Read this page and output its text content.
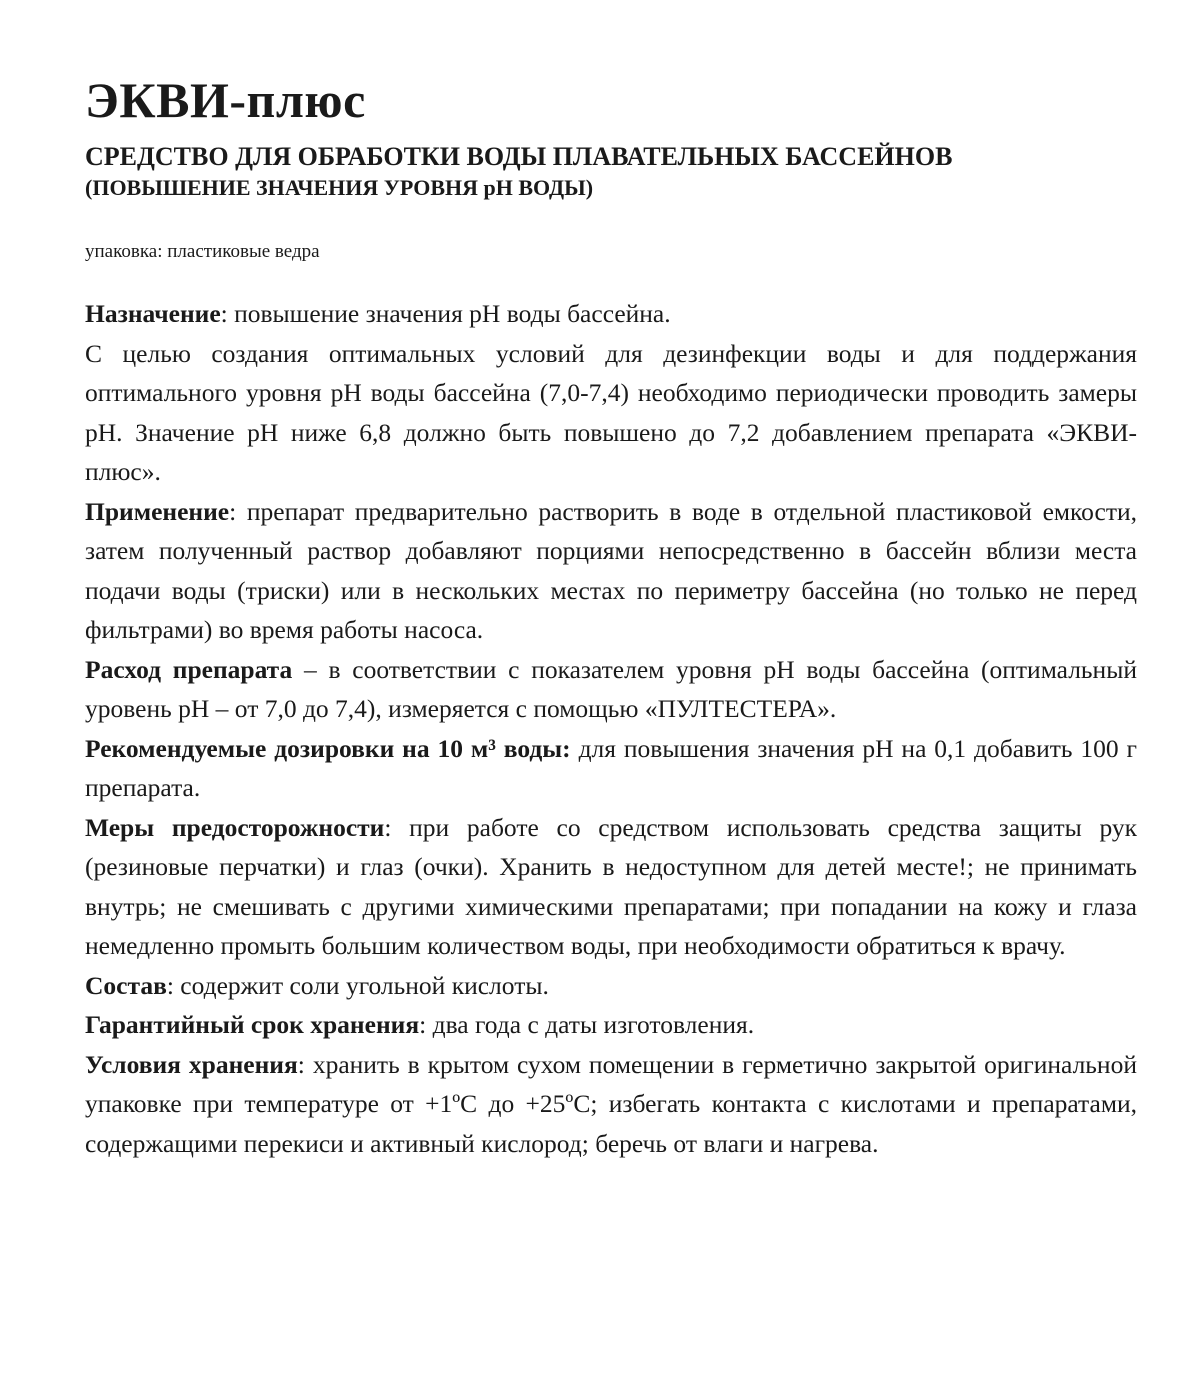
ЭКВИ-плюс
СРЕДСТВО ДЛЯ ОБРАБОТКИ ВОДЫ ПЛАВАТЕЛЬНЫХ БАССЕЙНОВ
(ПОВЫШЕНИЕ ЗНАЧЕНИЯ УРОВНЯ pH ВОДЫ)
упаковка: пластиковые ведра

Назначение: повышение значения pH воды бассейна.

С целью создания оптимальных условий для дезинфекции воды и для поддержания оптимального уровня pH воды бассейна (7,0-7,4) необходимо периодически проводить замеры pH. Значение pH ниже 6,8 должно быть повышено до 7,2 добавлением препарата «ЭКВИ-плюс».

Применение: препарат предварительно растворить в воде в отдельной пластиковой емкости, затем полученный раствор добавляют порциями непосредственно в бассейн вблизи места подачи воды (триски) или в нескольких местах по периметру бассейна (но только не перед фильтрами) во время работы насоса.

Расход препарата – в соответствии с показателем уровня pH воды бассейна (оптимальный уровень pH – от 7,0 до 7,4), измеряется с помощью «ПУЛТЕСТЕРА».

Рекомендуемые дозировки на 10 м³ воды: для повышения значения pH на 0,1 добавить 100 г препарата.

Меры предосторожности: при работе со средством использовать средства защиты рук (резиновые перчатки) и глаз (очки). Хранить в недоступном для детей месте!; не принимать внутрь; не смешивать с другими химическими препаратами; при попадании на кожу и глаза немедленно промыть большим количеством воды, при необходимости обратиться к врачу.

Состав: содержит соли угольной кислоты.

Гарантийный срок хранения: два года с даты изготовления.

Условия хранения: хранить в крытом сухом помещении в герметично закрытой оригинальной упаковке при температуре от +1ºC до +25ºC; избегать контакта с кислотами и препаратами, содержащими перекиси и активный кислород; беречь от влаги и нагрева.
